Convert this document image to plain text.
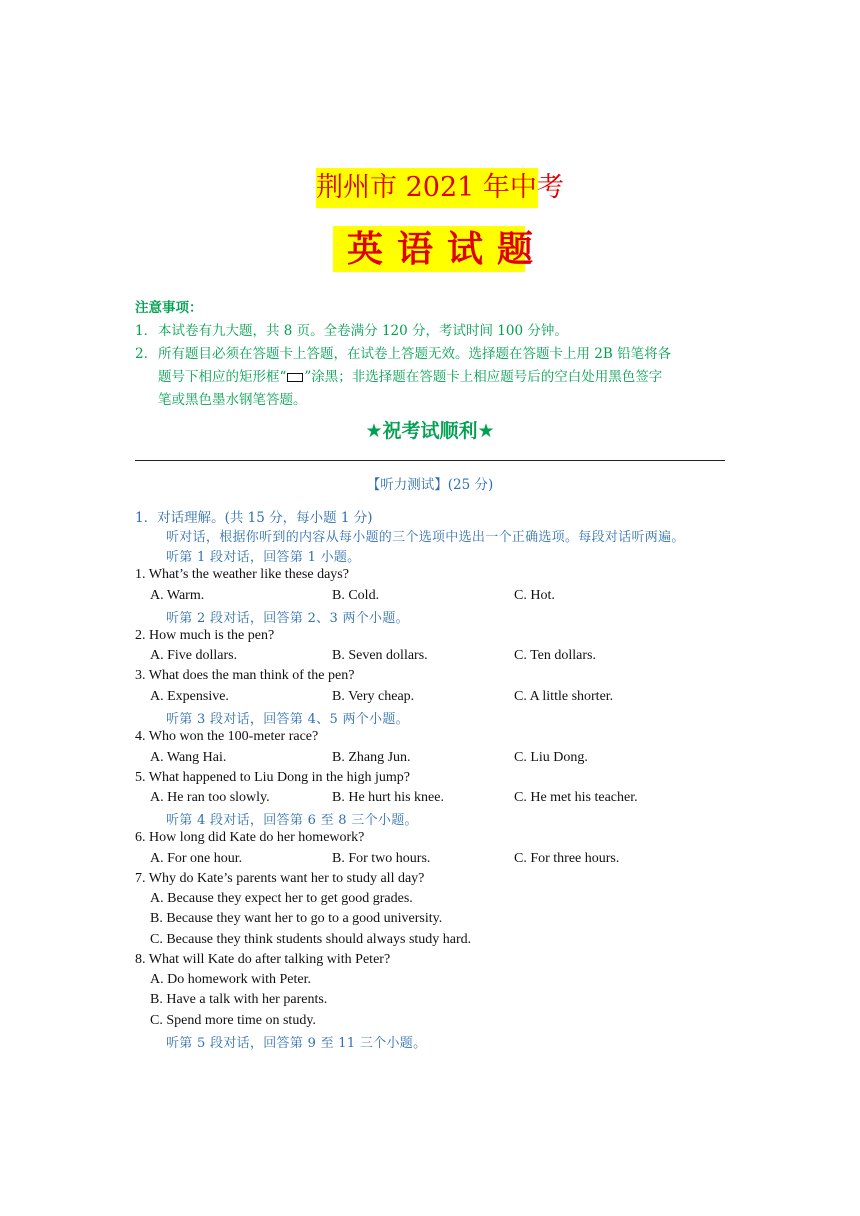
荆州市 2021 年中考
英语试题
注意事项：
1．本试卷有九大题，共 8 页。全卷满分 120 分，考试时间 100 分钟。
2．所有题目必须在答题卡上答题，在试卷上答题无效。选择题在答题卡上用 2B 铅笔将各
题号下相应的矩形框“ ”涂黑；非选择题在答题卡上相应题号后的空白处用黑色签字
笔或黑色墨水钢笔答题。
★祝考试顺利★
【听力测试】(25 分)
1．对话理解。(共 15 分，每小题 1 分)
听对话，根据你听到的内容从每小题的三个选项中选出一个正确选项。每段对话听两遍。
听第 1 段对话，回答第 1 小题。
1. What’s the weather like these days?
A. Warm.	B. Cold.	C. Hot.
听第 2 段对话，回答第 2、3 两个小题。
2. How much is the pen?
A. Five dollars.	B. Seven dollars.	C. Ten dollars.
3. What does the man think of the pen?
A. Expensive.	B. Very cheap.	C. A little shorter.
听第 3 段对话，回答第 4、5 两个小题。
4. Who won the 100-meter race?
A. Wang Hai.	B. Zhang Jun.	C. Liu Dong.
5. What happened to Liu Dong in the high jump?
A. He ran too slowly.	B. He hurt his knee.	C. He met his teacher.
听第 4 段对话，回答第 6 至 8 三个小题。
6. How long did Kate do her homework?
A. For one hour.	B. For two hours.	C. For three hours.
7. Why do Kate’s parents want her to study all day?
A. Because they expect her to get good grades.
B. Because they want her to go to a good university.
C. Because they think students should always study hard.
8. What will Kate do after talking with Peter?
A. Do homework with Peter.
B. Have a talk with her parents.
C. Spend more time on study.
听第 5 段对话，回答第 9 至 11 三个小题。
